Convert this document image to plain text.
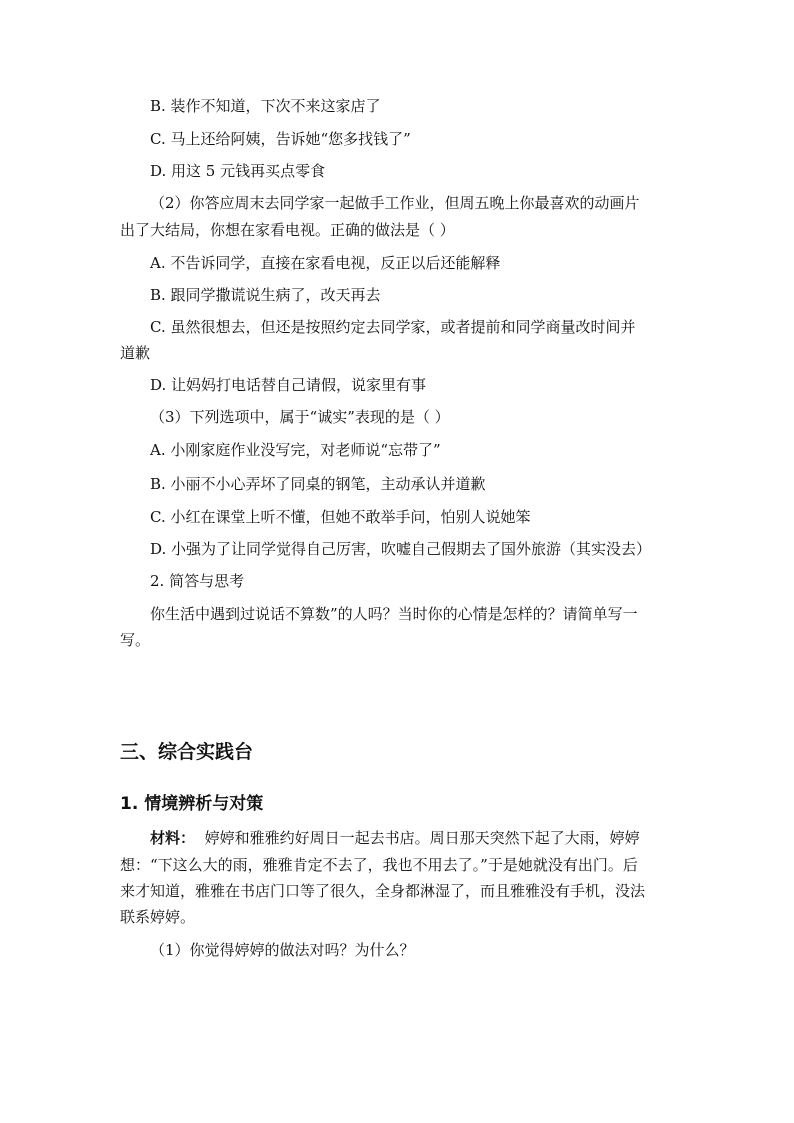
B. 装作不知道，下次不来这家店了
C. 马上还给阿姨，告诉她“您多找钱了”
D. 用这 5 元钱再买点零食
（2）你答应周末去同学家一起做手工作业，但周五晚上你最喜欢的动画片
出了大结局，你想在家看电视。正确的做法是（ ）
A. 不告诉同学，直接在家看电视，反正以后还能解释
B. 跟同学撒谎说生病了，改天再去
C. 虽然很想去，但还是按照约定去同学家，或者提前和同学商量改时间并
道歉
D. 让妈妈打电话替自己请假，说家里有事
（3）下列选项中，属于“诚实”表现的是（ ）
A. 小刚家庭作业没写完，对老师说“忘带了”
B. 小丽不小心弄坏了同桌的钢笔，主动承认并道歉
C. 小红在课堂上听不懂，但她不敢举手问，怕别人说她笨
D. 小强为了让同学觉得自己厉害，吹嘘自己假期去了国外旅游（其实没去）
2. 简答与思考
你生活中遇到过说话不算数”的人吗？当时你的心情是怎样的？请简单写一
写。
三、综合实践台
1. 情境辨析与对策
材料： 婷婷和雅雅约好周日一起去书店。周日那天突然下起了大雨，婷婷
想：“下这么大的雨，雅雅肯定不去了，我也不用去了。”于是她就没有出门。后
来才知道，雅雅在书店门口等了很久，全身都淋湿了，而且雅雅没有手机，没法
联系婷婷。
（1）你觉得婷婷的做法对吗？为什么？
